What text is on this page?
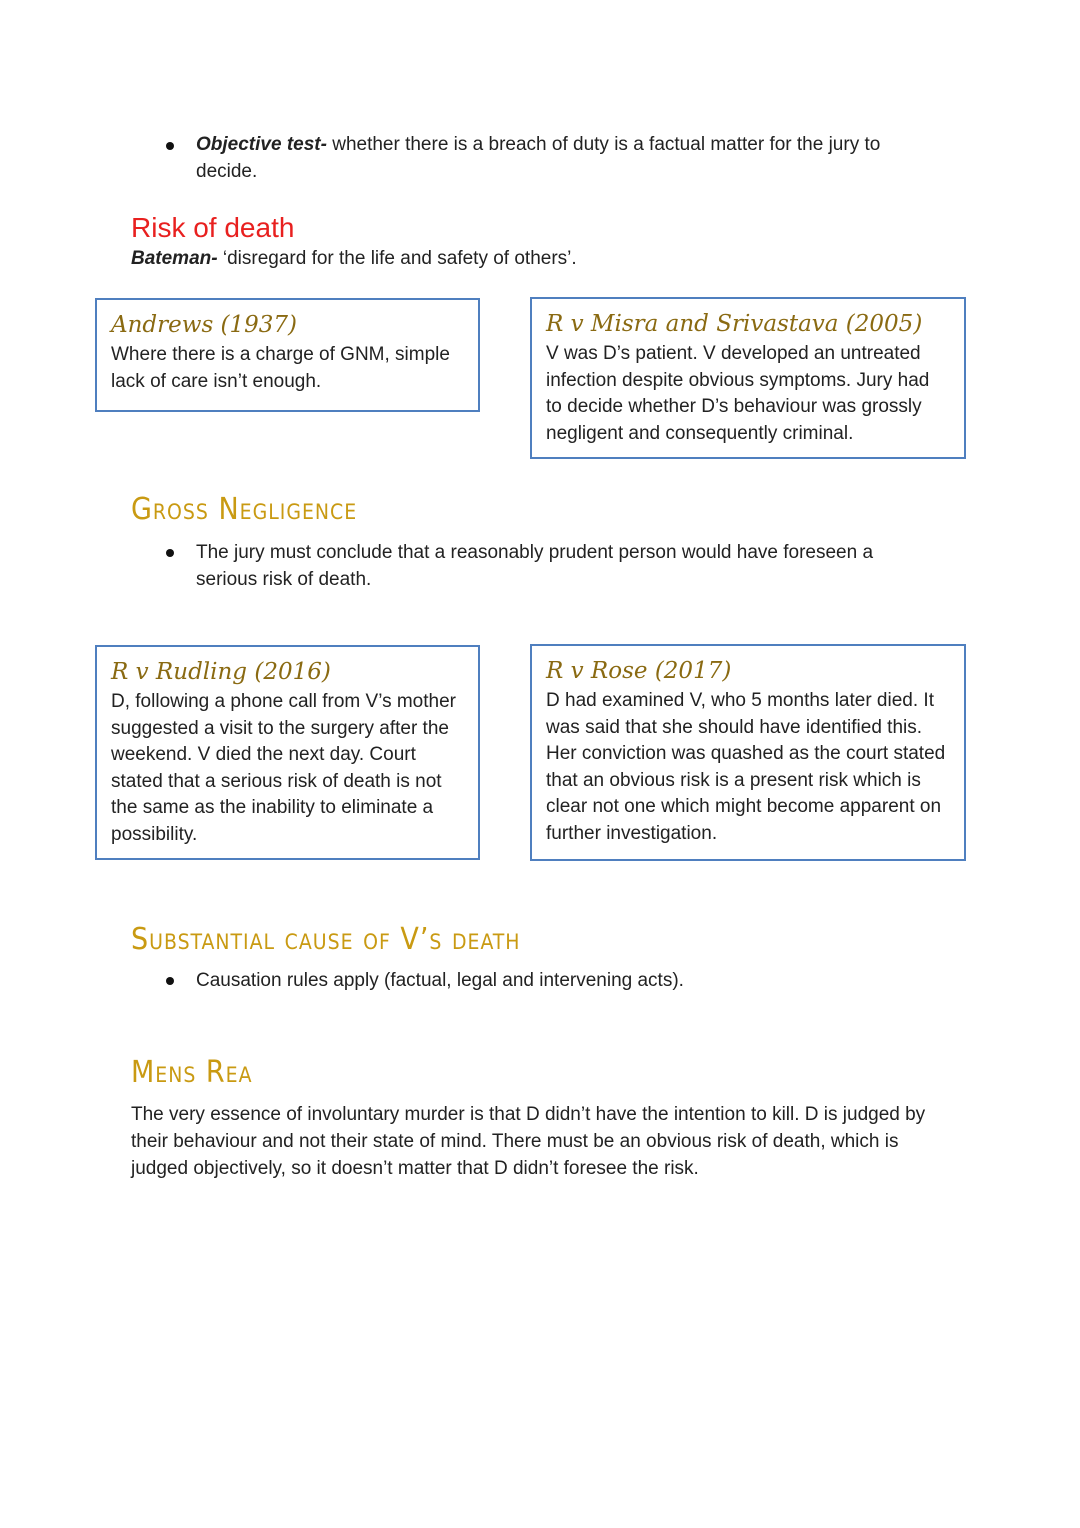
Objective test- whether there is a breach of duty is a factual matter for the jury to decide.
Risk of death
Bateman- ‘disregard for the life and safety of others’.
Andrews (1937)
Where there is a charge of GNM, simple lack of care isn’t enough.
R v Misra and Srivastava (2005)
V was D’s patient. V developed an untreated infection despite obvious symptoms. Jury had to decide whether D’s behaviour was grossly negligent and consequently criminal.
Gross Negligence
The jury must conclude that a reasonably prudent person would have foreseen a serious risk of death.
R v Rudling (2016)
D, following a phone call from V’s mother suggested a visit to the surgery after the weekend. V died the next day. Court stated that a serious risk of death is not the same as the inability to eliminate a possibility.
R v Rose (2017)
D had examined V, who 5 months later died. It was said that she should have identified this. Her conviction was quashed as the court stated that an obvious risk is a present risk which is clear not one which might become apparent on further investigation.
Substantial cause of V’s death
Causation rules apply (factual, legal and intervening acts).
Mens Rea
The very essence of involuntary murder is that D didn’t have the intention to kill. D is judged by their behaviour and not their state of mind. There must be an obvious risk of death, which is judged objectively, so it doesn’t matter that D didn’t foresee the risk.
